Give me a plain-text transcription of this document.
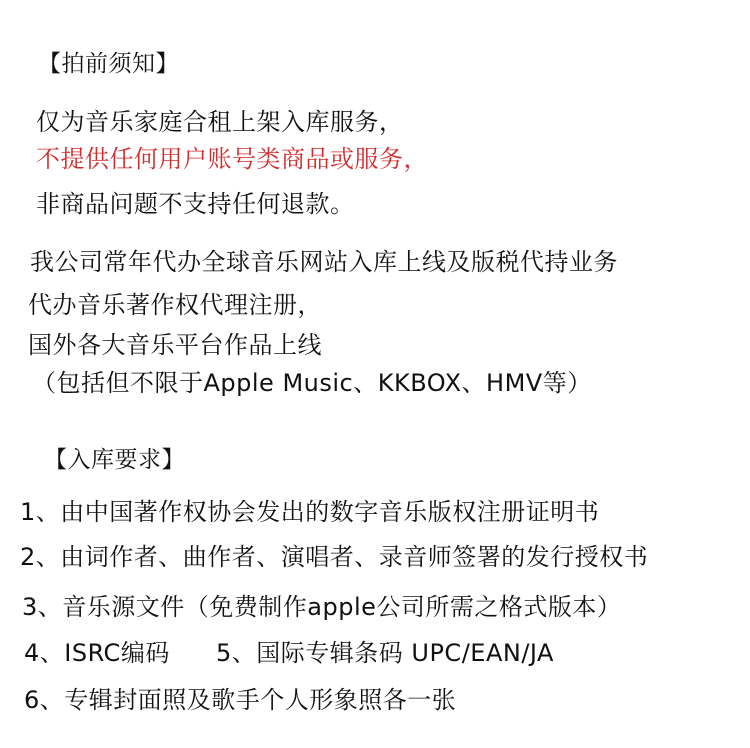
【拍前须知】
仅为音乐家庭合租上架入库服务，
不提供任何用户账号类商品或服务，
非商品问题不支持任何退款。
我公司常年代办全球音乐网站入库上线及版税代持业务
代办音乐著作权代理注册，
国外各大音乐平台作品上线
（包括但不限于Apple Music、KKBOX、HMV等）
【入库要求】
1、由中国著作权协会发出的数字音乐版权注册证明书
2、由词作者、曲作者、演唱者、录音师签署的发行授权书
3、音乐源文件（免费制作apple公司所需之格式版本）
4、ISRC编码 5、国际专辑条码 UPC/EAN/JA
6、专辑封面照及歌手个人形象照各一张
